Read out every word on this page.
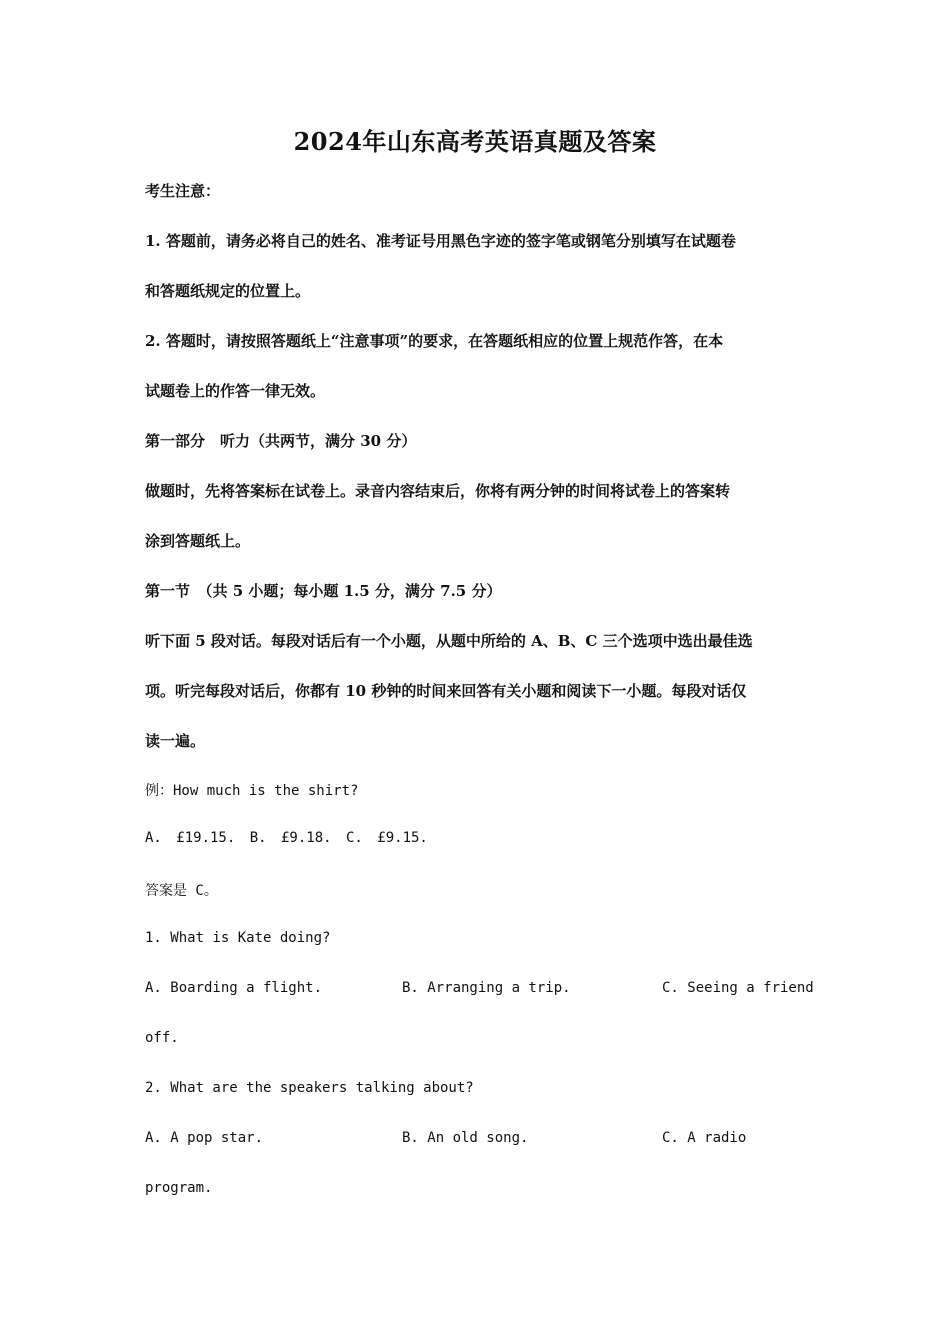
2024年山东高考英语真题及答案
考生注意：
1. 答题前，请务必将自己的姓名、准考证号用黑色字迹的签字笔或钢笔分别填写在试题卷
和答题纸规定的位置上。
2. 答题时，请按照答题纸上“注意事项”的要求，在答题纸相应的位置上规范作答，在本
试题卷上的作答一律无效。
第一部分　听力（共两节，满分 30 分）
做题时，先将答案标在试卷上。录音内容结束后，你将有两分钟的时间将试卷上的答案转
涂到答题纸上。
第一节　（共 5 小题；每小题 1.5 分，满分 7.5 分）
听下面 5 段对话。每段对话后有一个小题，从题中所给的 A、B、C 三个选项中选出最佳选
项。听完每段对话后，你都有 10 秒钟的时间来回答有关小题和阅读下一小题。每段对话仅
读一遍。
例：How much is the shirt?
A. £19.15. B. £9.18. C. £9.15.
答案是 C。
1. What is Kate doing?
A. Boarding a flight.	B. Arranging a trip.	C. Seeing a friend
off.
2. What are the speakers talking about?
A. A pop star.	B. An old song.	C. A radio
program.
